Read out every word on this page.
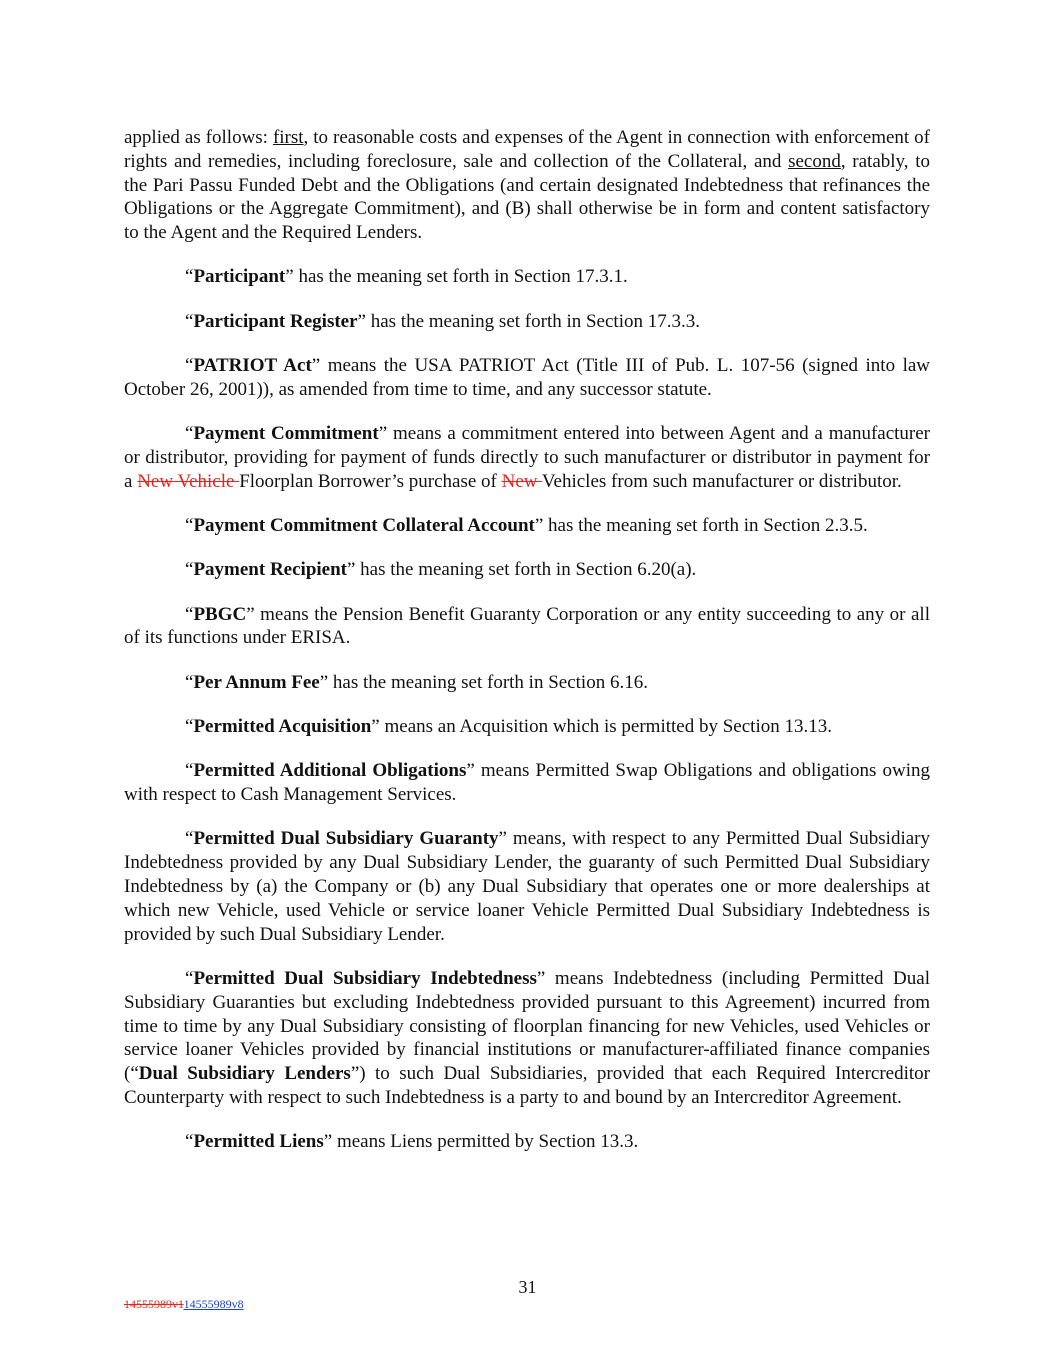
applied as follows: first, to reasonable costs and expenses of the Agent in connection with enforcement of rights and remedies, including foreclosure, sale and collection of the Collateral, and second, ratably, to the Pari Passu Funded Debt and the Obligations (and certain designated Indebtedness that refinances the Obligations or the Aggregate Commitment), and (B) shall otherwise be in form and content satisfactory to the Agent and the Required Lenders.

“Participant” has the meaning set forth in Section 17.3.1.

“Participant Register” has the meaning set forth in Section 17.3.3.

“PATRIOT Act” means the USA PATRIOT Act (Title III of Pub. L. 107-56 (signed into law October 26, 2001)), as amended from time to time, and any successor statute.

“Payment Commitment” means a commitment entered into between Agent and a manufacturer or distributor, providing for payment of funds directly to such manufacturer or distributor in payment for a New Vehicle Floorplan Borrower’s purchase of New Vehicles from such manufacturer or distributor.

“Payment Commitment Collateral Account” has the meaning set forth in Section 2.3.5.

“Payment Recipient” has the meaning set forth in Section 6.20(a).

“PBGC” means the Pension Benefit Guaranty Corporation or any entity succeeding to any or all of its functions under ERISA.

“Per Annum Fee” has the meaning set forth in Section 6.16.

“Permitted Acquisition” means an Acquisition which is permitted by Section 13.13.

“Permitted Additional Obligations” means Permitted Swap Obligations and obligations owing with respect to Cash Management Services.

“Permitted Dual Subsidiary Guaranty” means, with respect to any Permitted Dual Subsidiary Indebtedness provided by any Dual Subsidiary Lender, the guaranty of such Permitted Dual Subsidiary Indebtedness by (a) the Company or (b) any Dual Subsidiary that operates one or more dealerships at which new Vehicle, used Vehicle or service loaner Vehicle Permitted Dual Subsidiary Indebtedness is provided by such Dual Subsidiary Lender.

“Permitted Dual Subsidiary Indebtedness” means Indebtedness (including Permitted Dual Subsidiary Guaranties but excluding Indebtedness provided pursuant to this Agreement) incurred from time to time by any Dual Subsidiary consisting of floorplan financing for new Vehicles, used Vehicles or service loaner Vehicles provided by financial institutions or manufacturer-affiliated finance companies (“Dual Subsidiary Lenders”) to such Dual Subsidiaries, provided that each Required Intercreditor Counterparty with respect to such Indebtedness is a party to and bound by an Intercreditor Agreement.

“Permitted Liens” means Liens permitted by Section 13.3.

31
14555989v114555989v8
